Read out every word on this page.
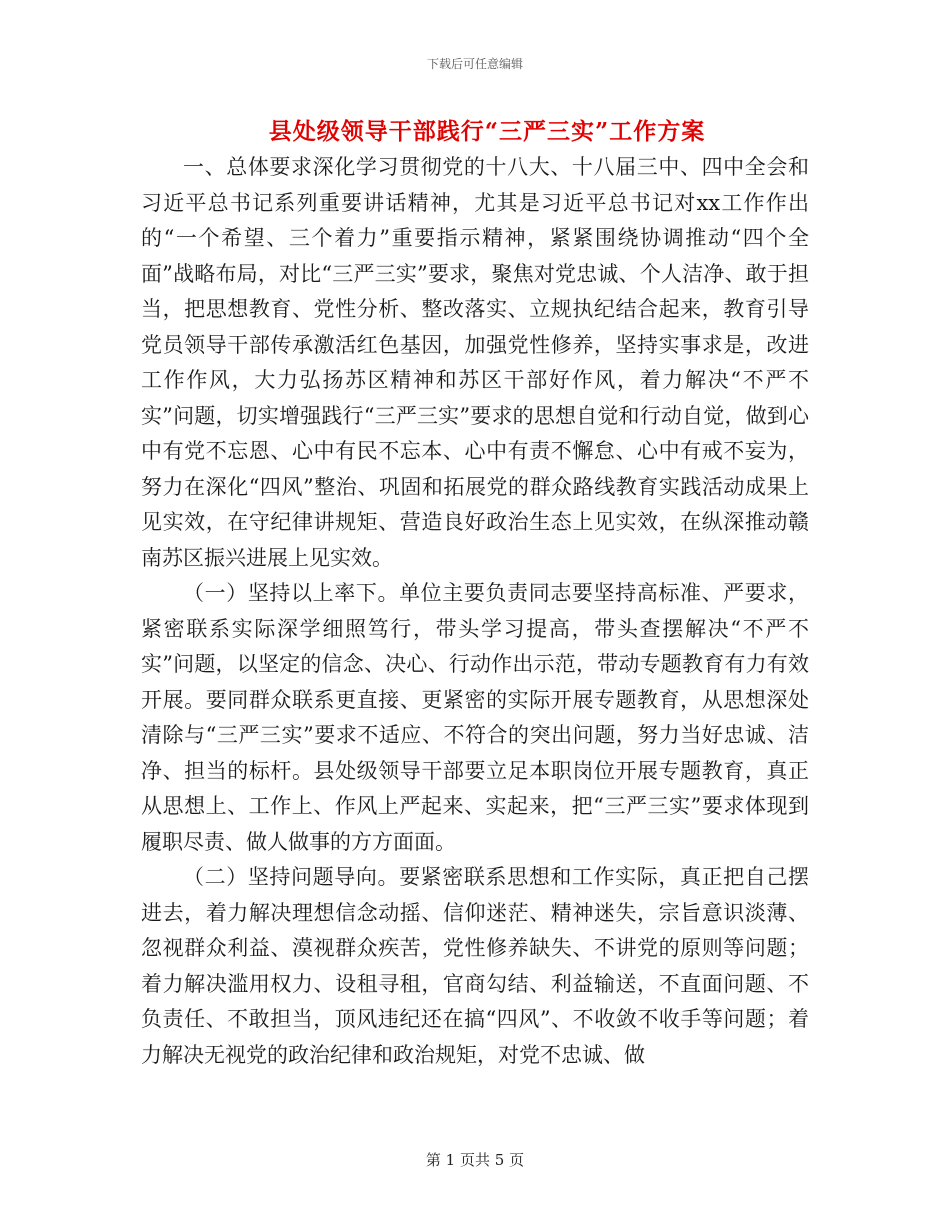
下载后可任意编辑
县处级领导干部践行“三严三实”工作方案

一、总体要求深化学习贯彻党的十八大、十八届三中、四中全会和习近平总书记系列重要讲话精神，尤其是习近平总书记对xx工作作出的“一个希望、三个着力”重要指示精神，紧紧围绕协调推动“四个全面”战略布局，对比“三严三实”要求，聚焦对党忠诚、个人洁净、敢于担当，把思想教育、党性分析、整改落实、立规执纪结合起来，教育引导党员领导干部传承激活红色基因，加强党性修养，坚持实事求是，改进工作作风，大力弘扬苏区精神和苏区干部好作风，着力解决“不严不实”问题，切实增强践行“三严三实”要求的思想自觉和行动自觉，做到心中有党不忘恩、心中有民不忘本、心中有责不懈怠、心中有戒不妄为，努力在深化“四风”整治、巩固和拓展党的群众路线教育实践活动成果上见实效，在守纪律讲规矩、营造良好政治生态上见实效，在纵深推动赣南苏区振兴进展上见实效。

（一）坚持以上率下。单位主要负责同志要坚持高标准、严要求，紧密联系实际深学细照笃行，带头学习提高，带头查摆解决“不严不实”问题，以坚定的信念、决心、行动作出示范，带动专题教育有力有效开展。要同群众联系更直接、更紧密的实际开展专题教育，从思想深处清除与“三严三实”要求不适应、不符合的突出问题，努力当好忠诚、洁净、担当的标杆。县处级领导干部要立足本职岗位开展专题教育，真正从思想上、工作上、作风上严起来、实起来，把“三严三实”要求体现到履职尽责、做人做事的方方面面。

（二）坚持问题导向。要紧密联系思想和工作实际，真正把自己摆进去，着力解决理想信念动摇、信仰迷茫、精神迷失，宗旨意识淡薄、忽视群众利益、漠视群众疾苦，党性修养缺失、不讲党的原则等问题；着力解决滥用权力、设租寻租，官商勾结、利益输送，不直面问题、不负责任、不敢担当，顶风违纪还在搞“四风”、不收敛不收手等问题；着力解决无视党的政治纪律和政治规矩，对党不忠诚、做

第 1 页共 5 页
